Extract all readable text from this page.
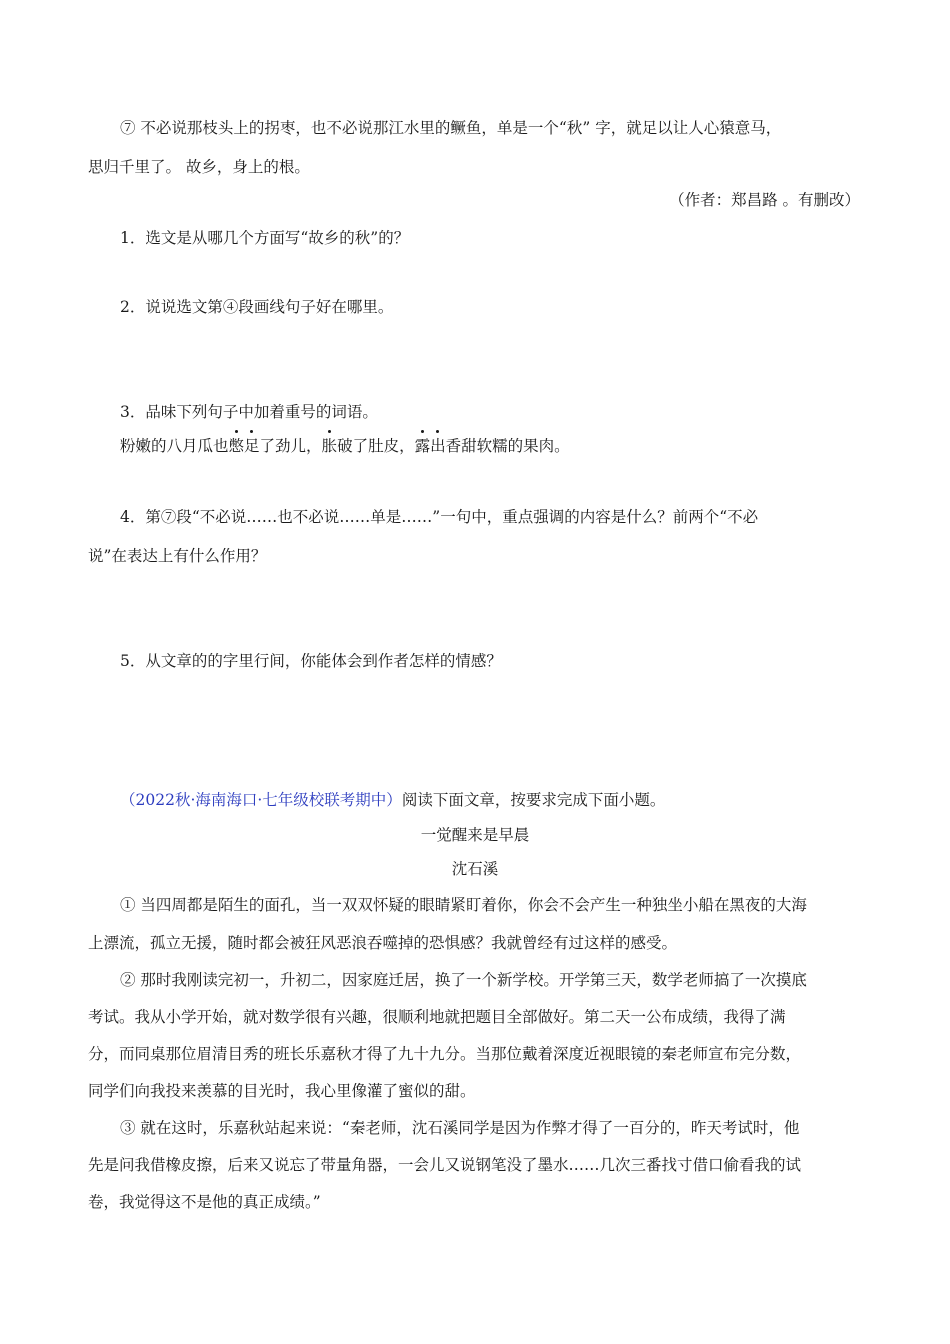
⑦ 不必说那枝头上的拐枣，也不必说那江水里的鳜鱼，单是一个“秋” 字，就足以让人心猿意马，
思归千里了。 故乡，身上的根。
（作者：郑昌路 。有删改）
1．选文是从哪几个方面写“故乡的秋”的？
2．说说选文第④段画线句子好在哪里。
3．品味下列句子中加着重号的词语。
粉嫩的八月瓜也憋足了劲儿，胀破了肚皮，露出香甜软糯的果肉。
4．第⑦段“不必说……也不必说……单是……”一句中，重点强调的内容是什么？前两个“不必
说”在表达上有什么作用？
5．从文章的的字里行间，你能体会到作者怎样的情感？
（2022秋·海南海口·七年级校联考期中）阅读下面文章，按要求完成下面小题。
一觉醒来是早晨
沈石溪
① 当四周都是陌生的面孔，当一双双怀疑的眼睛紧盯着你，你会不会产生一种独坐小船在黑夜的大海
上漂流，孤立无援，随时都会被狂风恶浪吞噬掉的恐惧感？我就曾经有过这样的感受。
② 那时我刚读完初一，升初二，因家庭迁居，换了一个新学校。开学第三天，数学老师搞了一次摸底
考试。我从小学开始，就对数学很有兴趣，很顺利地就把题目全部做好。第二天一公布成绩，我得了满
分，而同桌那位眉清目秀的班长乐嘉秋才得了九十九分。当那位戴着深度近视眼镜的秦老师宣布完分数，
同学们向我投来羡慕的目光时，我心里像灌了蜜似的甜。
③ 就在这时，乐嘉秋站起来说：“秦老师，沈石溪同学是因为作弊才得了一百分的，昨天考试时，他
先是问我借橡皮擦，后来又说忘了带量角器，一会儿又说钢笔没了墨水……几次三番找寸借口偷看我的试
卷，我觉得这不是他的真正成绩。”
